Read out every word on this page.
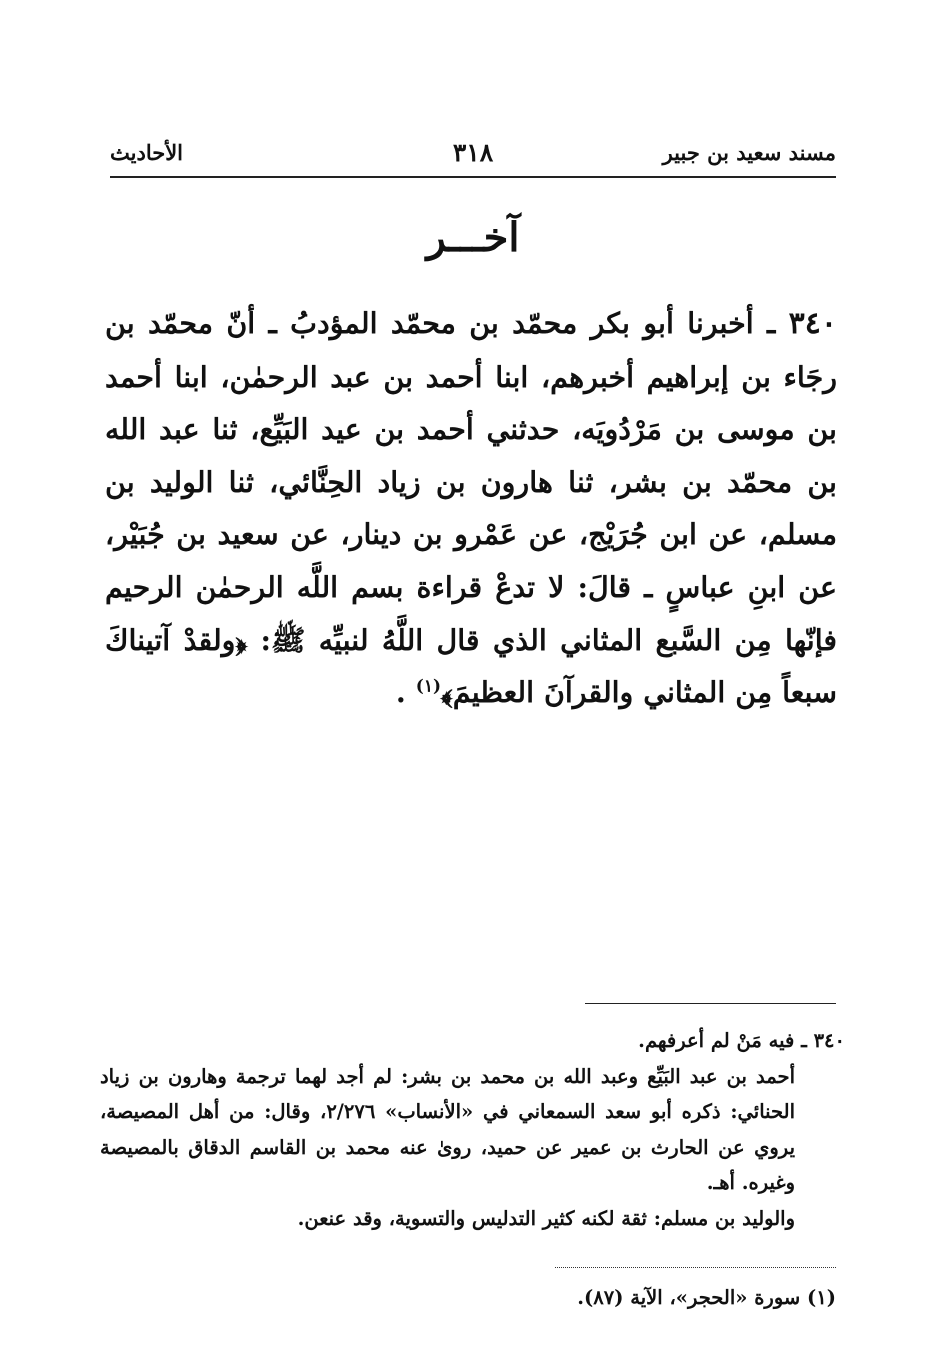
مسند سعيد بن جبير
٣١٨
الأحاديث
آخـــر
٣٤٠ ـ أخبرنا أبو بكر محمّد بن محمّد المؤدبُ ـ أنّ محمّد بن رجَاء بن إبراهيم أخبرهم، ابنا أحمد بن عبد الرحمٰن، ابنا أحمد بن موسى بن مَرْدُويَه، حدثني أحمد بن عيد البَيِّع، ثنا عبد الله بن محمّد بن بشر، ثنا هارون بن زياد الحِنَّائي، ثنا الوليد بن مسلم، عن ابن جُرَيْج، عن عَمْرو بن دينار، عن سعيد بن جُبَيْر، عن ابنِ عباسٍ ـ قالَ: لا تدعْ قراءة بسم اللَّه الرحمٰن الرحيم فإنّها مِن السَّبع المثاني الذي قال اللَّهُ لنبيِّه ﷺ: ﴿ولقدْ آتيناكَ سبعاً مِن المثاني والقرآنَ العظيمَ﴾$^{(١)}$ .

٣٤٠ ـ فيه مَنْ لم أعرفهم.

أحمد بن عبد البَيِّع وعبد الله بن محمد بن بشر: لم أجد لهما ترجمة وهارون بن زياد الحنائي: ذكره أبو سعد السمعاني في «الأنساب» ٢/٢٧٦، وقال: من أهل المصيصة، يروي عن الحارث بن عمير عن حميد، روىٰ عنه محمد بن القاسم الدقاق بالمصيصة وغيره. أهـ.

والوليد بن مسلم: ثقة لكنه كثير التدليس والتسوية، وقد عنعن.

(١) سورة «الحجر»، الآية (٨٧).
